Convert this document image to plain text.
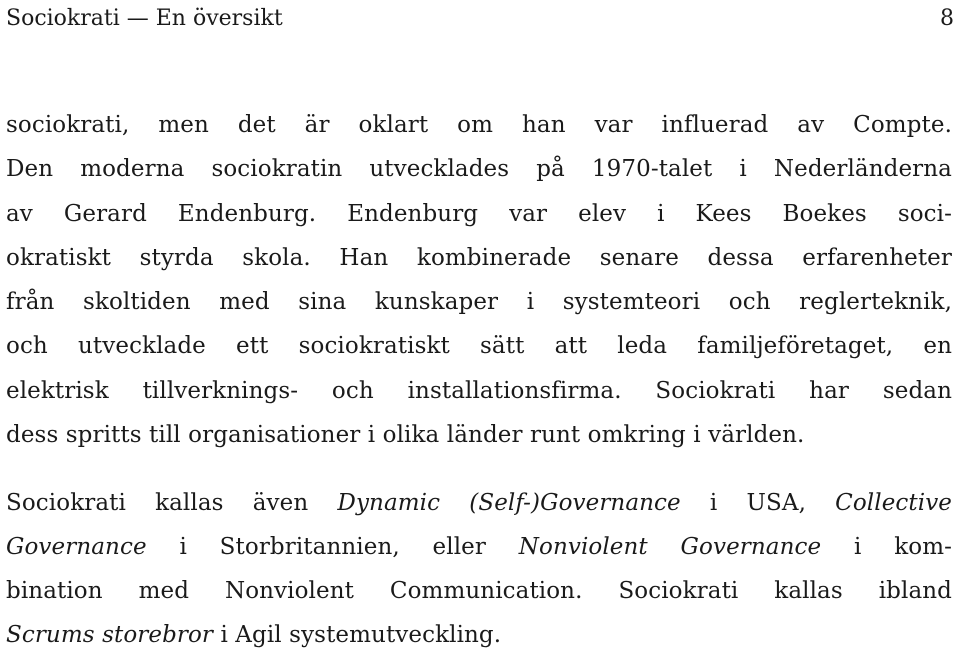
Sociokrati — En översikt	8
sociokrati, men det är oklart om han var influerad av Compte.
Den moderna sociokratin utvecklades på 1970-talet i Nederländerna
av Gerard Endenburg. Endenburg var elev i Kees Boekes soci-
okratiskt styrda skola. Han kombinerade senare dessa erfarenheter
från skoltiden med sina kunskaper i systemteori och reglerteknik,
och utvecklade ett sociokratiskt sätt att leda familjeföretaget, en
elektrisk tillverknings- och installationsfirma. Sociokrati har sedan
dess spritts till organisationer i olika länder runt omkring i världen.
Sociokrati kallas även Dynamic (Self-)Governance i USA, Collective
Governance i Storbritannien, eller Nonviolent Governance i kom-
bination med Nonviolent Communication. Sociokrati kallas ibland
Scrums storebror i Agil systemutveckling.
